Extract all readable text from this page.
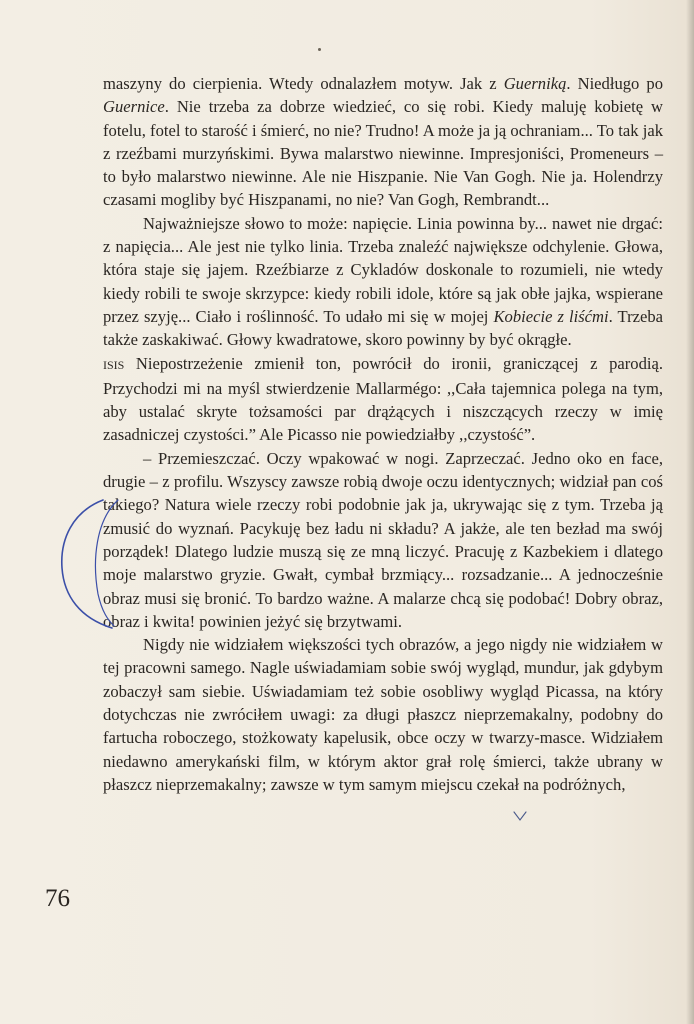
maszyny do cierpienia. Wtedy odnalazłem motyw. Jak z Guerniką. Niedługo po Guernice. Nie trzeba za dobrze wiedzieć, co się robi. Kiedy maluję kobietę w fotelu, fotel to starość i śmierć, no nie? Trudno! A może ja ją ochraniam... To tak jak z rzeźbami murzyńskimi. Bywa malarstwo niewinne. Impresjoniści, Promeneurs – to było malarstwo niewinne. Ale nie Hiszpanie. Nie Van Gogh. Nie ja. Holendrzy czasami mogliby być Hiszpanami, no nie? Van Gogh, Rembrandt...

Najważniejsze słowo to może: napięcie. Linia powinna by... nawet nie drgać: z napięcia... Ale jest nie tylko linia. Trzeba znaleźć największe odchylenie. Głowa, która staje się jajem. Rzeźbiarze z Cykladów doskonale to rozumieli, nie wtedy kiedy robili te swoje skrzypce: kiedy robili idole, które są jak obłe jajka, wspierane przez szyję... Ciało i roślinność. To udało mi się w mojej Kobiecie z liśćmi. Trzeba także zaskakiwać. Głowy kwadratowe, skoro powinny by być okrągłe.

ISIS Niepostrzeżenie zmienił ton, powrócił do ironii, graniczącej z parodią. Przychodzi mi na myśl stwierdzenie Mallarmégo: ,,Cała tajemnica polega na tym, aby ustalać skryte tożsamości par drążących i niszczących rzeczy w imię zasadniczej czystości.” Ale Picasso nie powiedziałby ,,czystość”.

– Przemieszczać. Oczy wpakować w nogi. Zaprzeczać. Jedno oko en face, drugie – z profilu. Wszyscy zawsze robią dwoje oczu identycznych; widział pan coś takiego? Natura wiele rzeczy robi podobnie jak ja, ukrywając się z tym. Trzeba ją zmusić do wyznań. Pacykuję bez ładu ni składu? A jakże, ale ten bezład ma swój porządek! Dlatego ludzie muszą się ze mną liczyć. Pracuję z Kazbekiem i dlatego moje malarstwo gryzie. Gwałt, cymbał brzmiący... rozsadzanie... A jednocześnie obraz musi się bronić. To bardzo ważne. A malarze chcą się podobać! Dobry obraz, obraz i kwita! powinien jeżyć się brzytwami.

Nigdy nie widziałem większości tych obrazów, a jego nigdy nie widziałem w tej pracowni samego. Nagle uświadamiam sobie swój wygląd, mundur, jak gdybym zobaczył sam siebie. Uświadamiam też sobie osobliwy wygląd Picassa, na który dotychczas nie zwróciłem uwagi: za długi płaszcz nieprzemakalny, podobny do fartucha roboczego, stożkowaty kapelusik, obce oczy w twarzy-masce. Widziałem niedawno amerykański film, w którym aktor grał rolę śmierci, także ubrany w płaszcz nieprzemakalny; zawsze w tym samym miejscu czekał na podróżnych,

76
